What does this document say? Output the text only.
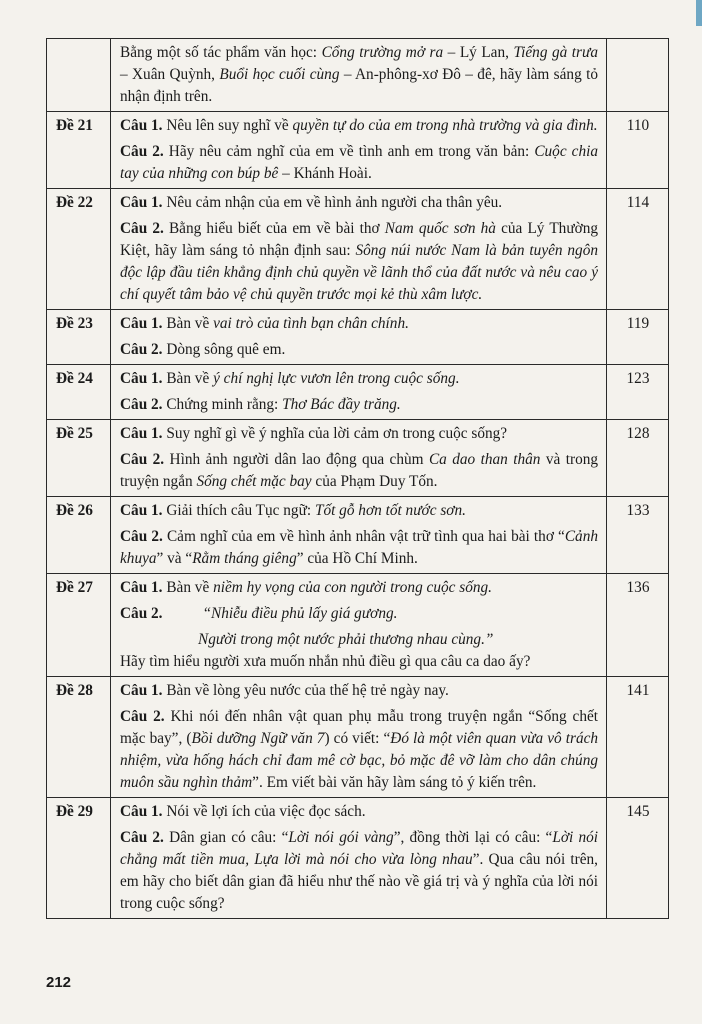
	Bằng một số tác phẩm văn học: Cổng trường mở ra – Lý Lan, Tiếng gà trưa – Xuân Quỳnh, Buổi học cuối cùng – An-phông-xơ Đô – đê, hãy làm sáng tỏ nhận định trên.	

Đề 21	Câu 1. Nêu lên suy nghĩ về quyền tự do của em trong nhà trường và gia đình.
Câu 2. Hãy nêu cảm nghĩ của em về tình anh em trong văn bản: Cuộc chia tay của những con búp bê – Khánh Hoài.	110
Đề 22	Câu 1. Nêu cảm nhận của em về hình ảnh người cha thân yêu.
Câu 2. Bằng hiểu biết của em về bài thơ Nam quốc sơn hà của Lý Thường Kiệt, hãy làm sáng tỏ nhận định sau: Sông núi nước Nam là bản tuyên ngôn độc lập đầu tiên khẳng định chủ quyền về lãnh thổ của đất nước và nêu cao ý chí quyết tâm bảo vệ chủ quyền trước mọi kẻ thù xâm lược.	114
Đề 23	Câu 1. Bàn về vai trò của tình bạn chân chính.
Câu 2. Dòng sông quê em.	119
Đề 24	Câu 1. Bàn về ý chí nghị lực vươn lên trong cuộc sống.
Câu 2. Chứng minh rằng: Thơ Bác đầy trăng.	123
Đề 25	Câu 1. Suy nghĩ gì về ý nghĩa của lời cảm ơn trong cuộc sống?
Câu 2. Hình ảnh người dân lao động qua chùm Ca dao than thân và trong truyện ngắn Sống chết mặc bay của Phạm Duy Tốn.	128
Đề 26	Câu 1. Giải thích câu Tục ngữ: Tốt gỗ hơn tốt nước sơn.
Câu 2. Cảm nghĩ của em về hình ảnh nhân vật trữ tình qua hai bài thơ “Cảnh khuya” và “Rằm tháng giêng” của Hồ Chí Minh.	133
Đề 27	Câu 1. Bàn về niềm hy vọng của con người trong cuộc sống.
Câu 2. “Nhiễu điều phủ lấy giá gương.
Người trong một nước phải thương nhau cùng.”
Hãy tìm hiểu người xưa muốn nhắn nhủ điều gì qua câu ca dao ấy?	136
Đề 28	Câu 1. Bàn về lòng yêu nước của thế hệ trẻ ngày nay.
Câu 2. Khi nói đến nhân vật quan phụ mẫu trong truyện ngắn “Sống chết mặc bay”, (Bồi dưỡng Ngữ văn 7) có viết: “Đó là một viên quan vừa vô trách nhiệm, vừa hống hách chỉ đam mê cờ bạc, bỏ mặc đê vỡ làm cho dân chúng muôn sầu nghìn thảm”. Em viết bài văn hãy làm sáng tỏ ý kiến trên.	141
Đề 29	Câu 1. Nói về lợi ích của việc đọc sách.
Câu 2. Dân gian có câu: “Lời nói gói vàng”, đồng thời lại có câu: “Lời nói chẳng mất tiền mua, Lựa lời mà nói cho vừa lòng nhau”. Qua câu nói trên, em hãy cho biết dân gian đã hiểu như thế nào về giá trị và ý nghĩa của lời nói trong cuộc sống?	145
212
